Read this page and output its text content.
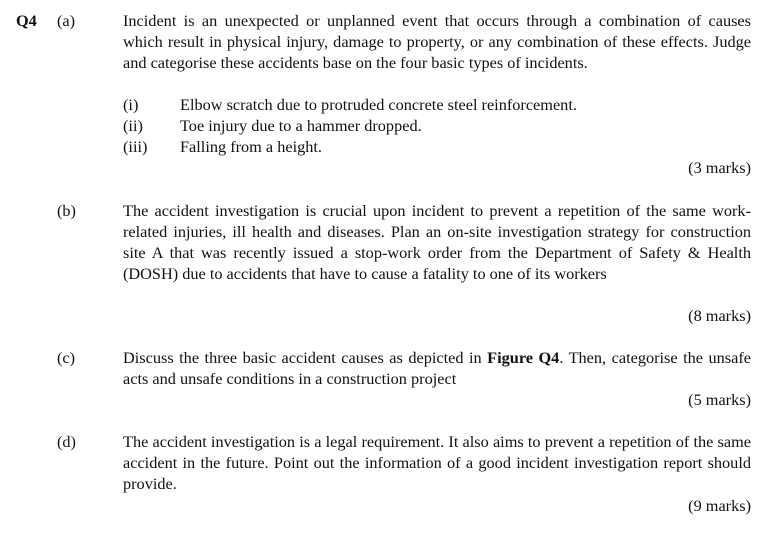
Q4 (a)	Incident is an unexpected or unplanned event that occurs through a combination of causes which result in physical injury, damage to property, or any combination of these effects. Judge and categorise these accidents base on the four basic types of incidents.

(i)	Elbow scratch due to protruded concrete steel reinforcement.
(ii)	Toe injury due to a hammer dropped.
(iii)	Falling from a height.
(3 marks)
(b)	The accident investigation is crucial upon incident to prevent a repetition of the same work-related injuries, ill health and diseases. Plan an on-site investigation strategy for construction site A that was recently issued a stop-work order from the Department of Safety & Health (DOSH) due to accidents that have to cause a fatality to one of its workers

(8 marks)
(c)	Discuss the three basic accident causes as depicted in Figure Q4. Then, categorise the unsafe acts and unsafe conditions in a construction project

(5 marks)
(d)	The accident investigation is a legal requirement. It also aims to prevent a repetition of the same accident in the future. Point out the information of a good incident investigation report should provide.

(9 marks)
